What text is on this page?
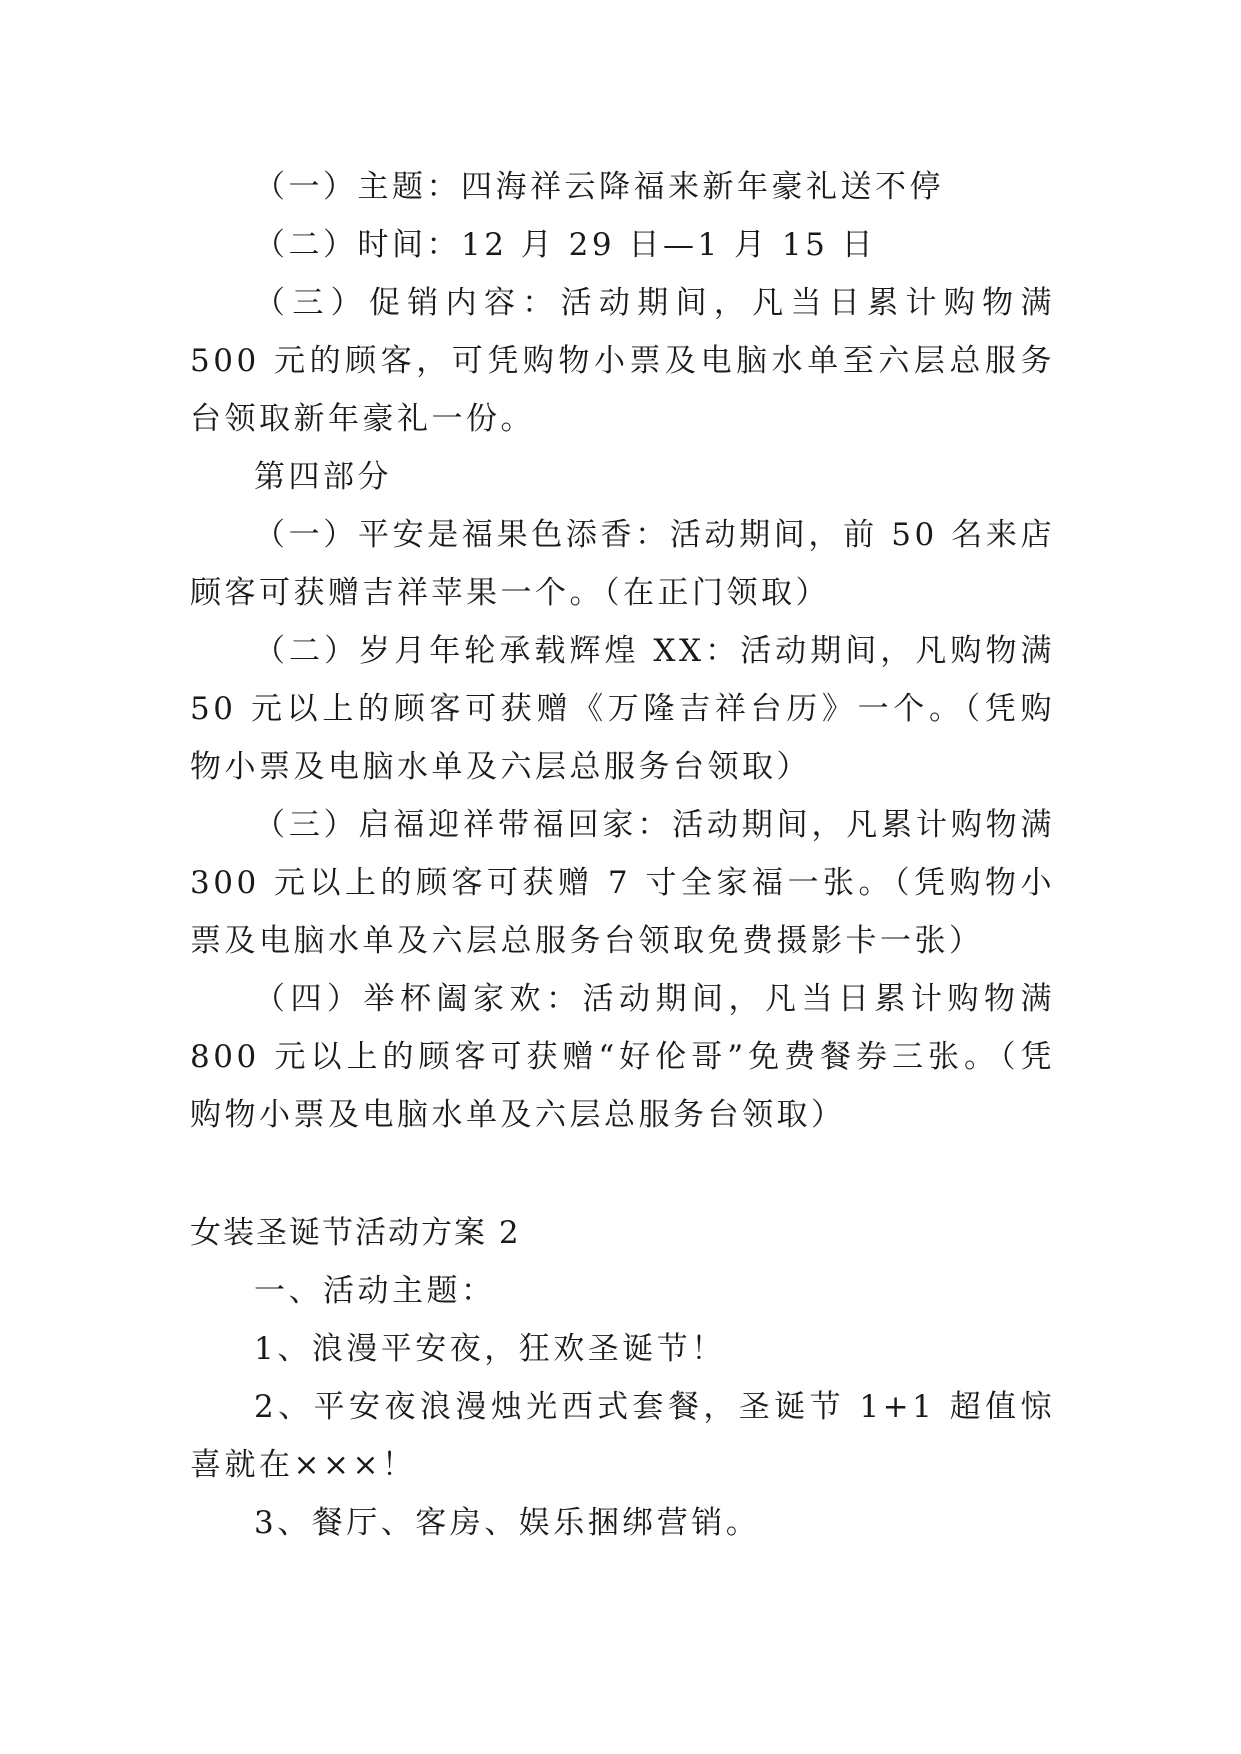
（一）主题：四海祥云降福来新年豪礼送不停

（二）时间：12 月 29 日—1 月 15 日

（三）促销内容：活动期间，凡当日累计购物满 500 元的顾客，可凭购物小票及电脑水单至六层总服务台领取新年豪礼一份。

第四部分

（一）平安是福果色添香：活动期间，前 50 名来店顾客可获赠吉祥苹果一个。（在正门领取）

（二）岁月年轮承载辉煌 XX：活动期间，凡购物满 50 元以上的顾客可获赠《万隆吉祥台历》一个。（凭购物小票及电脑水单及六层总服务台领取）

（三）启福迎祥带福回家：活动期间，凡累计购物满 300 元以上的顾客可获赠 7 寸全家福一张。（凭购物小票及电脑水单及六层总服务台领取免费摄影卡一张）

（四）举杯阖家欢：活动期间，凡当日累计购物满 800 元以上的顾客可获赠“好伦哥”免费餐券三张。（凭购物小票及电脑水单及六层总服务台领取）

女装圣诞节活动方案 2

一、活动主题：

1、浪漫平安夜，狂欢圣诞节！

2、平安夜浪漫烛光西式套餐，圣诞节 1+1 超值惊喜就在×××！

3、餐厅、客房、娱乐捆绑营销。
